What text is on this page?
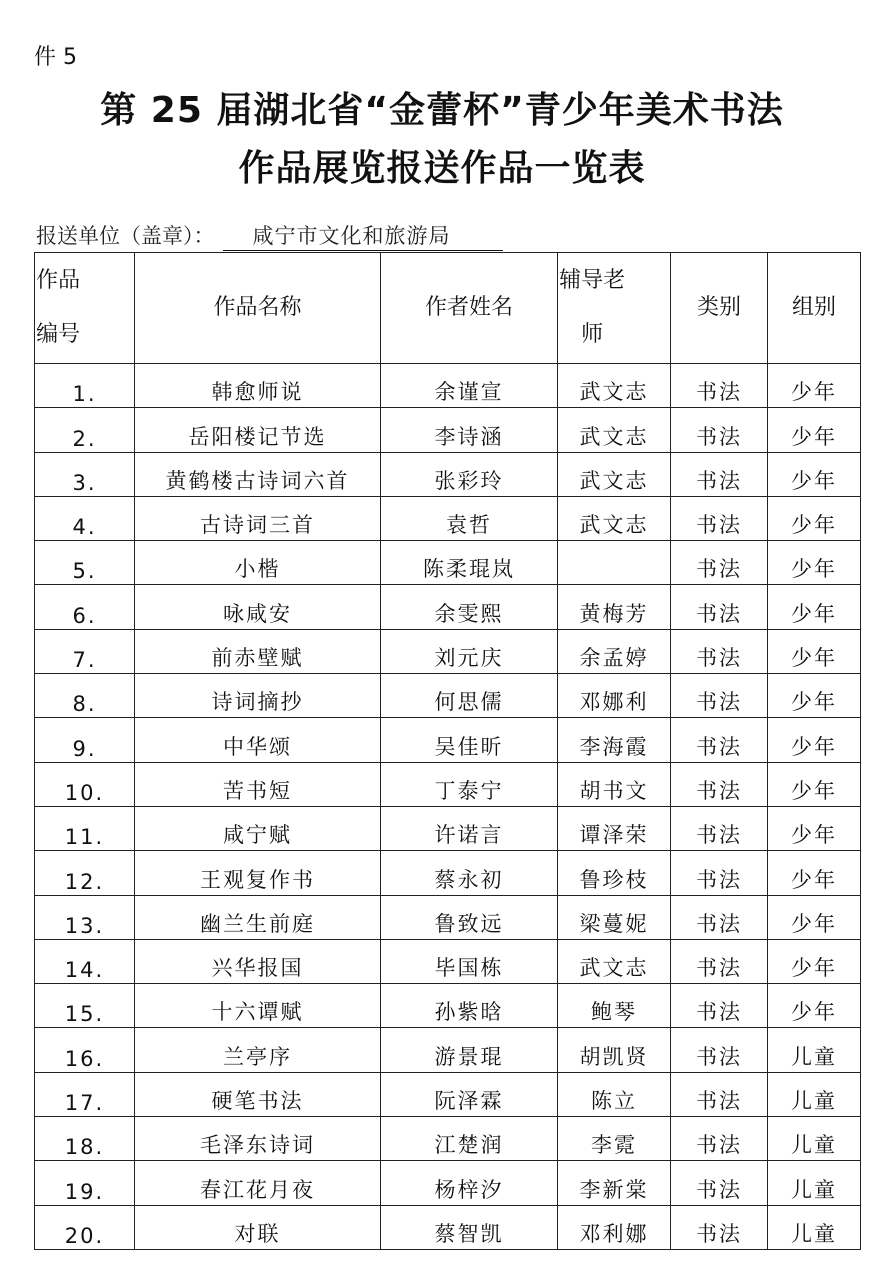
件 5
第 25 届湖北省“金蕾杯”青少年美术书法
作品展览报送作品一览表
报送单位（盖章）： 咸宁市文化和旅游局
作品编号	作品名称	作者姓名	辅导老师	类别	组别
1.	韩愈师说	余谨宣	武文志	书法	少年
2.	岳阳楼记节选	李诗涵	武文志	书法	少年
3.	黄鹤楼古诗词六首	张彩玲	武文志	书法	少年
4.	古诗词三首	袁哲	武文志	书法	少年
5.	小楷	陈柔琨岚		书法	少年
6.	咏咸安	余雯熙	黄梅芳	书法	少年
7.	前赤壁赋	刘元庆	余孟婷	书法	少年
8.	诗词摘抄	何思儒	邓娜利	书法	少年
9.	中华颂	吴佳昕	李海霞	书法	少年
10.	苦书短	丁泰宁	胡书文	书法	少年
11.	咸宁赋	许诺言	谭泽荣	书法	少年
12.	王观复作书	蔡永初	鲁珍枝	书法	少年
13.	幽兰生前庭	鲁致远	梁蔓妮	书法	少年
14.	兴华报国	毕国栋	武文志	书法	少年
15.	十六谭赋	孙紫晗	鲍琴	书法	少年
16.	兰亭序	游景琨	胡凯贤	书法	儿童
17.	硬笔书法	阮泽霖	陈立	书法	儿童
18.	毛泽东诗词	江楚润	李霓	书法	儿童
19.	春江花月夜	杨梓汐	李新棠	书法	儿童
20.	对联	蔡智凯	邓利娜	书法	儿童
